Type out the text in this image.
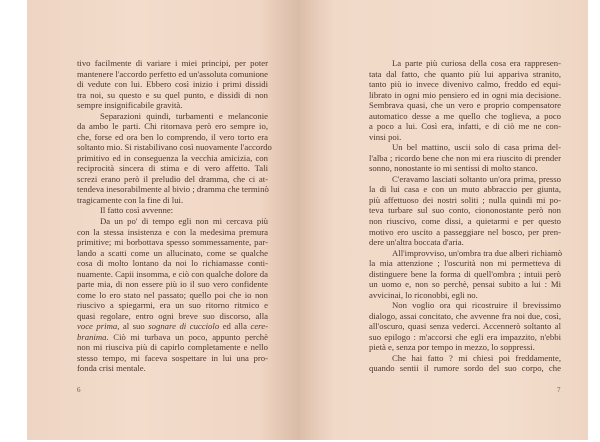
tivo facilmente di variare i miei principi, per poter
mantenere l'accordo perfetto ed un'assoluta comunione
di vedute con lui. Ebbero così inizio i primi dissidi
tra noi, su questo e su quel punto, e dissidi di non
sempre insignificabile gravità.
Separazioni quindi, turbamenti e melanconie
da ambo le parti. Chi ritornava però ero sempre io,
che, forse ed ora ben lo comprendo, il vero torto era
soltanto mio. Si ristabilivano così nuovamente l'accordo
primitivo ed in conseguenza la vecchia amicizia, con
reciprocità sincera di stima e di vero affetto. Tali
screzi erano però il preludio del dramma, che ci at-
tendeva inesorabilmente al bivio ; dramma che terminò
tragicamente con la fine di lui.
Il fatto così avvenne:
Da un po' di tempo egli non mi cercava più
con la stessa insistenza e con la medesima premura
primitive; mi borbottava spesso sommessamente, par-
lando a scatti come un allucinato, come se qualche
cosa di molto lontano da noi lo richiamasse conti-
nuamente. Capii insomma, e ciò con qualche dolore da
parte mia, di non essere più io il suo vero confidente
come lo ero stato nel passato; quello poi che io non
riuscivo a spiegarmi, era un suo ritorno ritmico e
quasi regolare, entro ogni breve suo discorso, alla
voce prima, al suo sognare di cucciolo ed alla cere-
branima. Ciò mi turbava un poco, appunto perchè
non mi riusciva più di capirlo completamente e nello
stesso tempo, mi faceva sospettare in lui una pro-
fonda crisi mentale.
6
La parte più curiosa della cosa era rappresen-
tata dal fatto, che quanto più lui appariva stranito,
tanto più io invece divenivo calmo, freddo ed equi-
librato in ogni mio pensiero ed in ogni mia decisione.
Sembrava quasi, che un vero e proprio compensatore
automatico desse a me quello che toglieva, a poco
a poco a lui. Così era, infatti, e di ciò me ne con-
vinsi poi.
Un bel mattino, uscii solo di casa prima del-
l'alba ; ricordo bene che non mi era riuscito di prender
sonno, nonostante io mi sentissi di molto stanco.
C'eravamo lasciati soltanto un'ora prima, presso
la di lui casa e con un muto abbraccio per giunta,
più affettuoso dei nostri soliti ; nulla quindi mi po-
teva turbare sul suo conto, ciononostante però non
non riuscivo, come dissi, a quietarmi e per questo
motivo ero uscito a passeggiare nel bosco, per pren-
dere un'altra boccata d'aria.
All'improvviso, un'ombra tra due alberi richiamò
la mia attenzione ; l'oscurità non mi permetteva di
distinguere bene la forma di quell'ombra ; intuii però
un uomo e, non so perchè, pensai subito a lui : Mi
avvicinai, lo riconobbi, egli no.
Non voglio ora qui ricostruire il brevissimo
dialogo, assai concitato, che avvenne fra noi due, così,
all'oscuro, quasi senza vederci. Accennerò soltanto al
suo epilogo : m'accorsi che egli era impazzito, n'ebbi
pietà e, senza por tempo in mezzo, lo soppressi.
Che hai fatto ? mi chiesi poi freddamente,
quando sentii il rumore sordo del suo corpo, che
7
